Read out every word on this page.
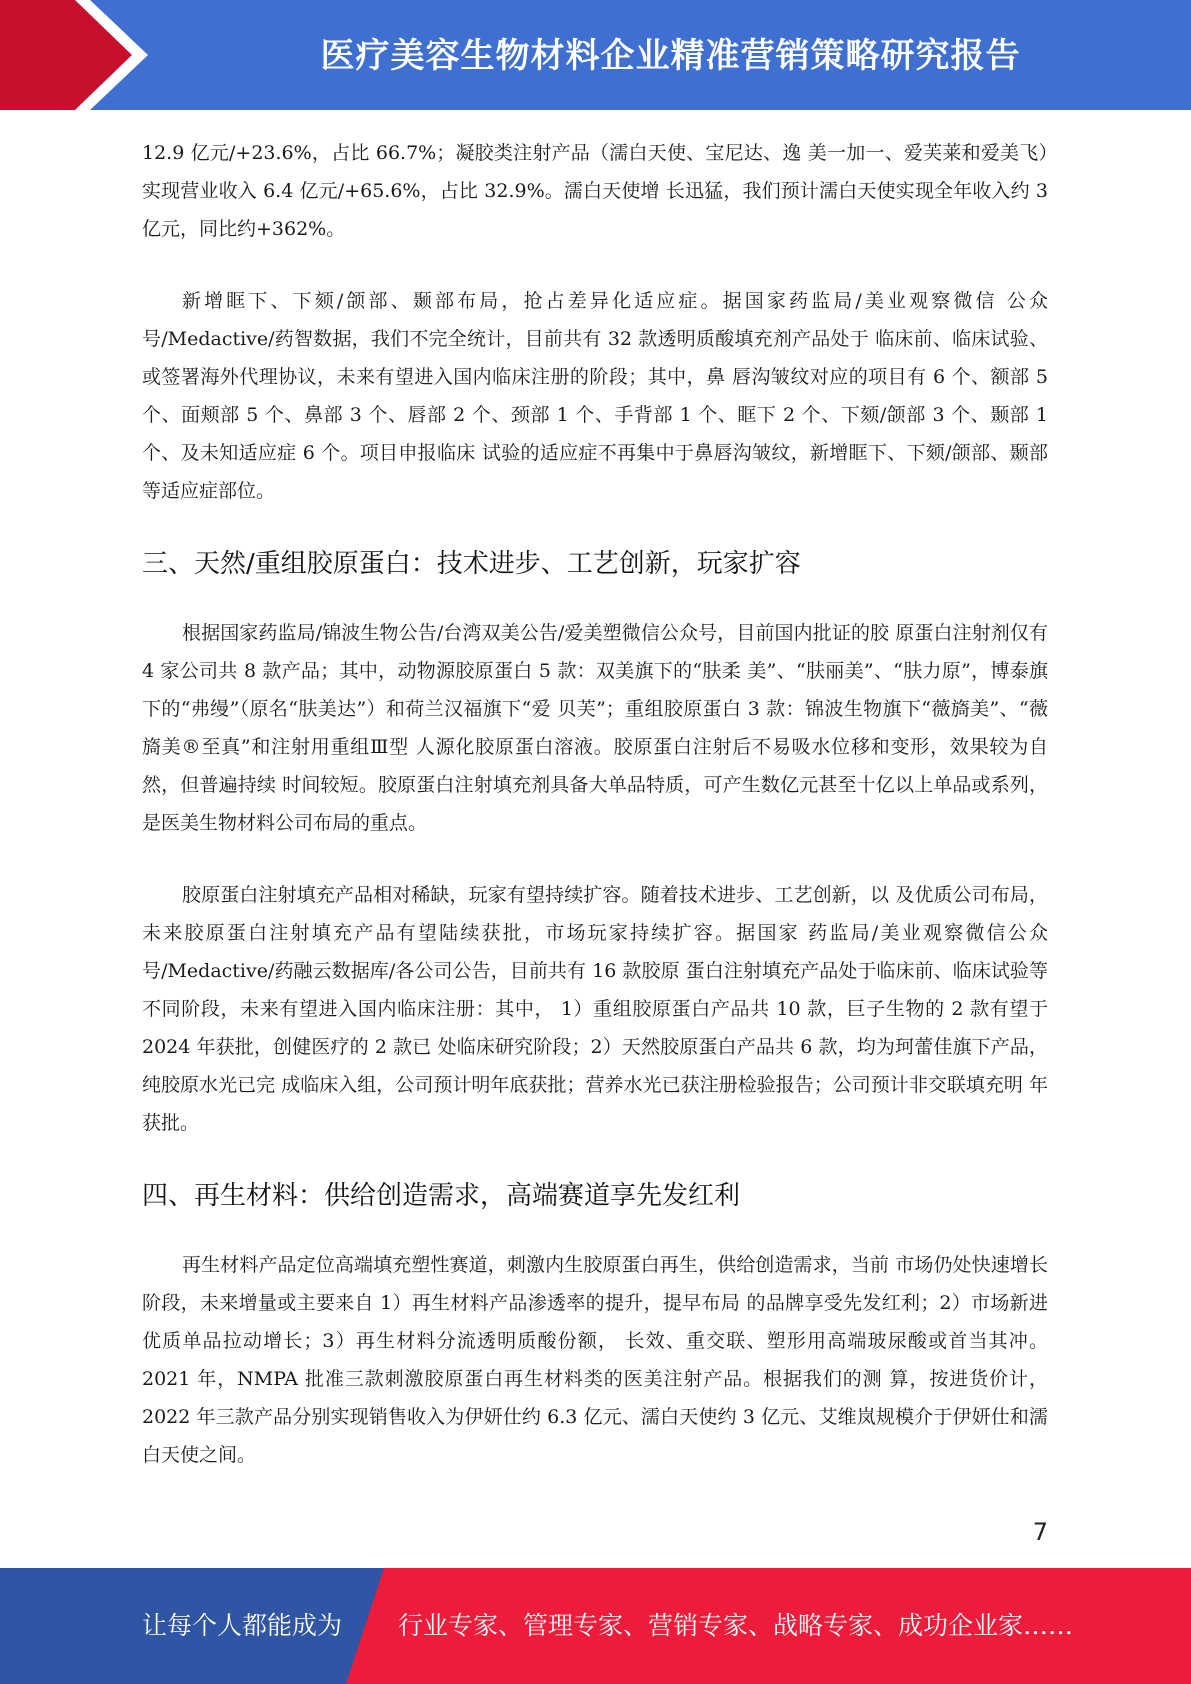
医疗美容生物材料企业精准营销策略研究报告

12.9 亿元/+23.6%，占比 66.7%；凝胶类注射产品（濡白天使、宝尼达、逸 美一加一、爱芙莱和爱美飞）实现营业收入 6.4 亿元/+65.6%，占比 32.9%。濡白天使增 长迅猛，我们预计濡白天使实现全年收入约 3 亿元，同比约+362%。

新增眶下、下颏/颌部、颞部布局，抢占差异化适应症。据国家药监局/美业观察微信 公众号/Medactive/药智数据，我们不完全统计，目前共有 32 款透明质酸填充剂产品处于 临床前、临床试验、或签署海外代理协议，未来有望进入国内临床注册的阶段；其中，鼻 唇沟皱纹对应的项目有 6 个、额部 5 个、面颊部 5 个、鼻部 3 个、唇部 2 个、颈部 1 个、手背部 1 个、眶下 2 个、下颏/颌部 3 个、颞部 1 个、及未知适应症 6 个。项目申报临床 试验的适应症不再集中于鼻唇沟皱纹，新增眶下、下颏/颌部、颞部等适应症部位。

三、天然/重组胶原蛋白：技术进步、工艺创新，玩家扩容

根据国家药监局/锦波生物公告/台湾双美公告/爱美塑微信公众号，目前国内批证的胶 原蛋白注射剂仅有 4 家公司共 8 款产品；其中，动物源胶原蛋白 5 款：双美旗下的“肤柔 美”、“肤丽美”、“肤力原”，博泰旗下的“弗缦”（原名“肤美达”）和荷兰汉福旗下“爱 贝芙”；重组胶原蛋白 3 款：锦波生物旗下“薇旖美”、“薇旖美®至真”和注射用重组Ⅲ型 人源化胶原蛋白溶液。胶原蛋白注射后不易吸水位移和变形，效果较为自然，但普遍持续 时间较短。胶原蛋白注射填充剂具备大单品特质，可产生数亿元甚至十亿以上单品或系列， 是医美生物材料公司布局的重点。

胶原蛋白注射填充产品相对稀缺，玩家有望持续扩容。随着技术进步、工艺创新，以 及优质公司布局，未来胶原蛋白注射填充产品有望陆续获批，市场玩家持续扩容。据国家 药监局/美业观察微信公众号/Medactive/药融云数据库/各公司公告，目前共有 16 款胶原 蛋白注射填充产品处于临床前、临床试验等不同阶段，未来有望进入国内临床注册：其中， 1）重组胶原蛋白产品共 10 款，巨子生物的 2 款有望于 2024 年获批，创健医疗的 2 款已 处临床研究阶段；2）天然胶原蛋白产品共 6 款，均为珂蕾佳旗下产品，纯胶原水光已完 成临床入组，公司预计明年底获批；营养水光已获注册检验报告；公司预计非交联填充明 年获批。

四、再生材料：供给创造需求，高端赛道享先发红利

再生材料产品定位高端填充塑性赛道，刺激内生胶原蛋白再生，供给创造需求，当前 市场仍处快速增长阶段，未来增量或主要来自 1）再生材料产品渗透率的提升，提早布局 的品牌享受先发红利；2）市场新进优质单品拉动增长；3）再生材料分流透明质酸份额， 长效、重交联、塑形用高端玻尿酸或首当其冲。 2021 年，NMPA 批准三款刺激胶原蛋白再生材料类的医美注射产品。根据我们的测 算，按进货价计，2022 年三款产品分别实现销售收入为伊妍仕约 6.3 亿元、濡白天使约 3 亿元、艾维岚规模介于伊妍仕和濡白天使之间。

7
让每个人都能成为 行业专家、管理专家、营销专家、战略专家、成功企业家……
